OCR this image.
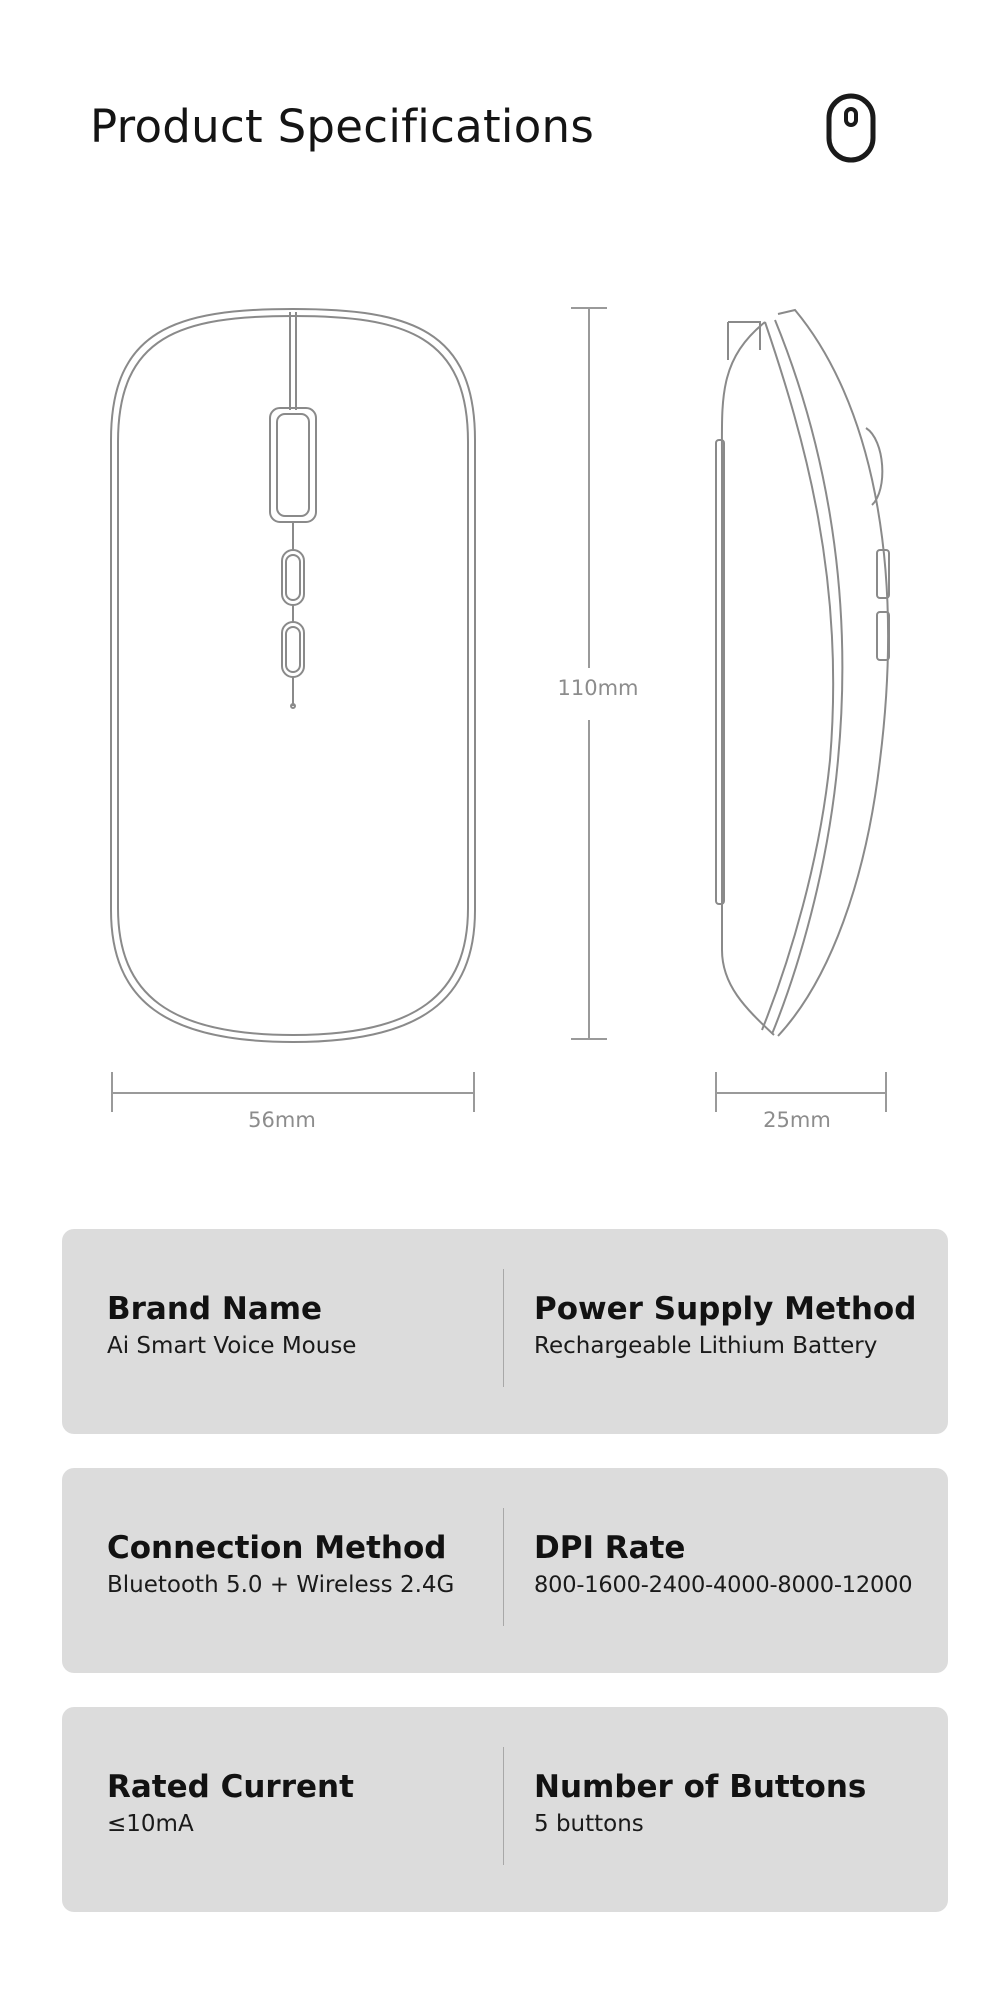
Product Specifications
110mm
56mm	25mm
Brand Name
Ai Smart Voice Mouse
Power Supply Method
Rechargeable Lithium Battery
Connection Method
Bluetooth 5.0 + Wireless 2.4G
DPI Rate
800-1600-2400-4000-8000-12000
Rated Current
≤10mA
Number of Buttons
5 buttons
